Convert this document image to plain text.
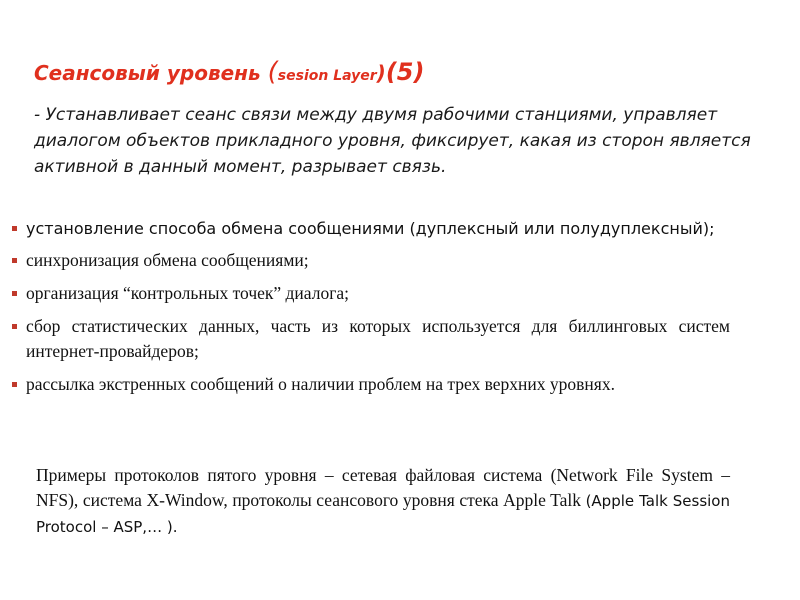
Сеансовый уровень (sesion Layer)(5)

- Устанавливает сеанс связи между двумя рабочими станциями, управляет диалогом объектов прикладного уровня, фиксирует, какая из сторон является активной в данный момент, разрывает связь.

установление способа обмена сообщениями (дуплексный или полудуплексный);
синхронизация обмена сообщениями;
организация “контрольных точек” диалога;
сбор статистических данных, часть из которых используется для биллинговых систем интернет-провайдеров;
рассылка экстренных сообщений о наличии проблем на трех верхних уровнях.

Примеры протоколов пятого уровня – сетевая файловая система (Network File System – NFS), система X-Window, протоколы сеансового уровня стека Apple Talk (Apple Talk Session Protocol – ASP,… ).
